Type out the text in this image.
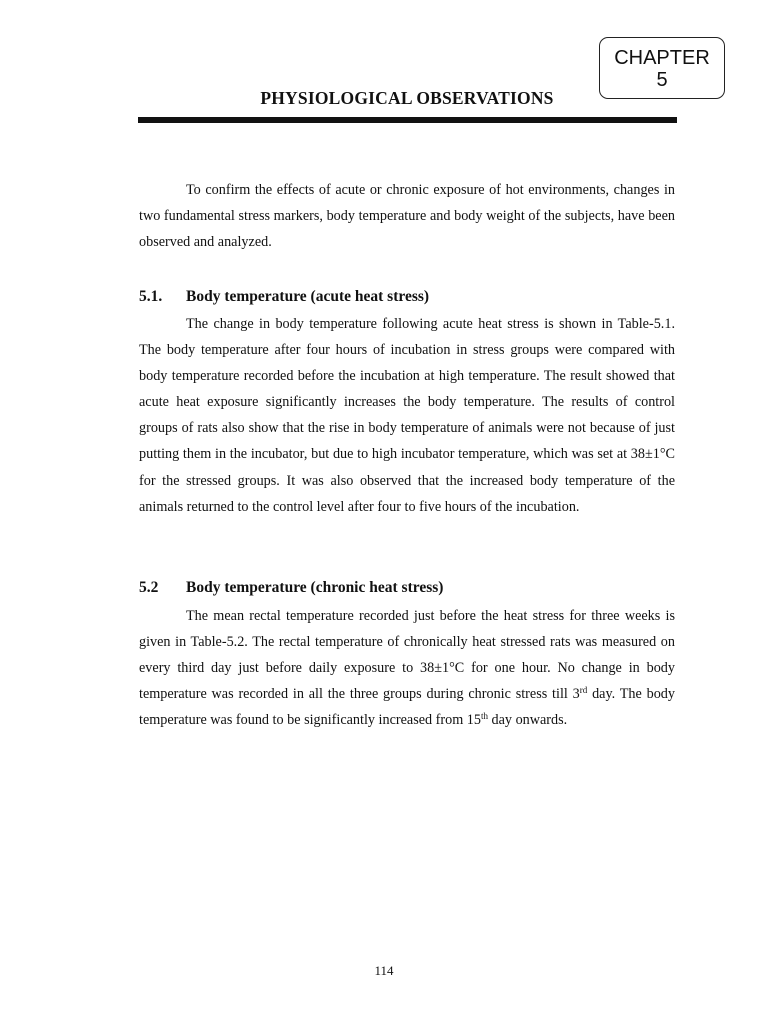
CHAPTER
5
PHYSIOLOGICAL OBSERVATIONS

To confirm the effects of acute or chronic exposure of hot environments, changes in two fundamental stress markers, body temperature and body weight of the subjects, have been observed and analyzed.

5.1. Body temperature (acute heat stress)

The change in body temperature following acute heat stress is shown in Table-5.1. The body temperature after four hours of incubation in stress groups were compared with body temperature recorded before the incubation at high temperature. The result showed that acute heat exposure significantly increases the body temperature. The results of control groups of rats also show that the rise in body temperature of animals were not because of just putting them in the incubator, but due to high incubator temperature, which was set at 38±1°C for the stressed groups. It was also observed that the increased body temperature of the animals returned to the control level after four to five hours of the incubation.

5.2 Body temperature (chronic heat stress)

The mean rectal temperature recorded just before the heat stress for three weeks is given in Table-5.2. The rectal temperature of chronically heat stressed rats was measured on every third day just before daily exposure to 38±1°C for one hour. No change in body temperature was recorded in all the three groups during chronic stress till 3rd day. The body temperature was found to be significantly increased from 15th day onwards.

114
